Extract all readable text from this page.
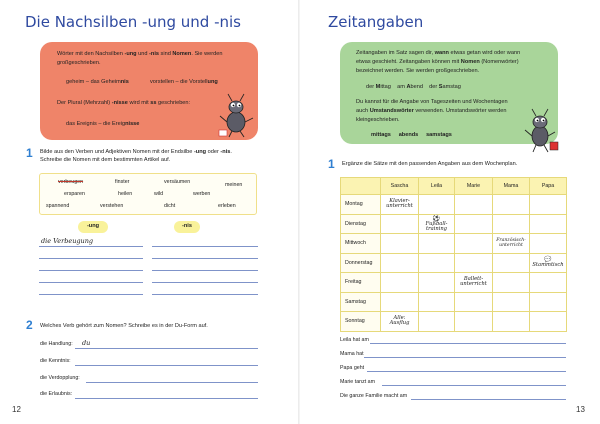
Die Nachsilben -ung und -nis
Wörter mit den Nachsilben -ung und -nis sind Nomen. Sie werden
großgeschrieben.
geheim – das Geheimnis	vorstellen – die Vorstellung
Der Plural (Mehrzahl) -nisse wird mit ss geschrieben:
das Ereignis – die Ereignisse
1 Bilde aus den Verben und Adjektiven Nomen mit der Endsilbe -ung oder -nis.
Schreibe die Nomen mit dem bestimmten Artikel auf.
verbeugen	finster	versäumen	meinen
ersparen	heilen	wild	werben
spannend	verstehen	dicht	erleben
-ung	-nis
die Verbeugung
2 Welches Verb gehört zum Nomen? Schreibe es in der Du-Form auf.
die Handlung: du
die Kenntnis:
die Verdopplung:
die Erlaubnis:
12
Zeitangaben
Zeitangaben im Satz sagen dir, wann etwas getan wird oder wann
etwas geschieht. Zeitangaben können mit Nomen (Nomenwörter)
bezeichnet werden. Sie werden großgeschrieben.
der Mittag am Abend der Samstag
Du kannst für die Angabe von Tageszeiten und Wochentagen
auch Umstandswörter verwenden. Umstandswörter werden
kleingeschrieben.
mittags abends samstags
1 Ergänze die Sätze mit den passenden Angaben aus dem Wochenplan.
	Sascha	Leila	Marie	Mama	Papa
Montag	Klavier-
unterricht				

Dienstag		⚽
Fußball-
training			

Mittwoch				Französisch-
unterricht	

Donnerstag					💬
Stammtisch

Freitag			Ballett-
unterricht		

Samstag					
Sonntag	Alle:
Ausflug				

Leila hat am
Mama hat
Papa geht
Marie tanzt am
Die ganze Familie macht am
13
